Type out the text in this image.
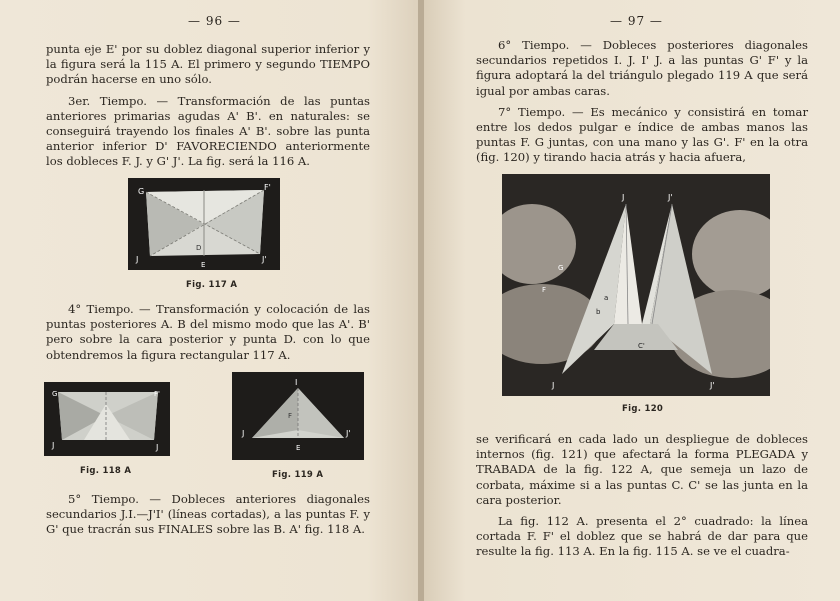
— 96 —

punta eje E' por su doblez diagonal superior inferior y la figura será la 115 A. El primero y segundo TIEMPO podrán hacerse en uno sólo.

3er. Tiempo. — Transformación de las puntas anteriores primarias agudas A' B'. en naturales: se conseguirá trayendo los finales A' B'. sobre las punta anterior inferior D' FAVORECIENDO anteriormente los dobleces F. J. y G' J'. La fig. será la 116 A.

G	F'
J
E
J'
D
Fig. 117 A

4° Tiempo. — Transformación y colocación de las puntas posteriores A. B del mismo modo que las A'. B' pero sobre la cara posterior y punta D. con lo que obtendremos la figura rectangular 117 A.

G	F'
J	J
Fig. 118 A
I
J
F
J'
E
Fig. 119 A

5° Tiempo. — Dobleces anteriores diagonales secundarios J.I.—J'I' (líneas cortadas), a las puntas F. y G' que tracrán sus FINALES sobre las B. A' fig. 118 A.

— 97 —

6° Tiempo. — Dobleces posteriores diagonales secundarios repetidos I. J. I' J. a las puntas G' F' y la figura adoptará la del triángulo plegado 119 A que será igual por ambas caras.

7° Tiempo. — Es mecánico y consistirá en tomar entre los dedos pulgar e índice de ambas manos las puntas F. G juntas, con una mano y las G'. F' en la otra (fig. 120) y tirando hacia atrás y hacia afuera,

J	J'
G
F
a
b
C'
J	J'
Fig. 120

se verificará en cada lado un despliegue de dobleces internos (fig. 121) que afectará la forma PLEGADA y TRABADA de la fig. 122 A, que semeja un lazo de corbata, máxime si a las puntas C. C' se las junta en la cara posterior.

La fig. 112 A. presenta el 2° cuadrado: la línea cortada F. F' el doblez que se habrá de dar para que resulte la fig. 113 A. En la fig. 115 A. se ve el cuadra-
